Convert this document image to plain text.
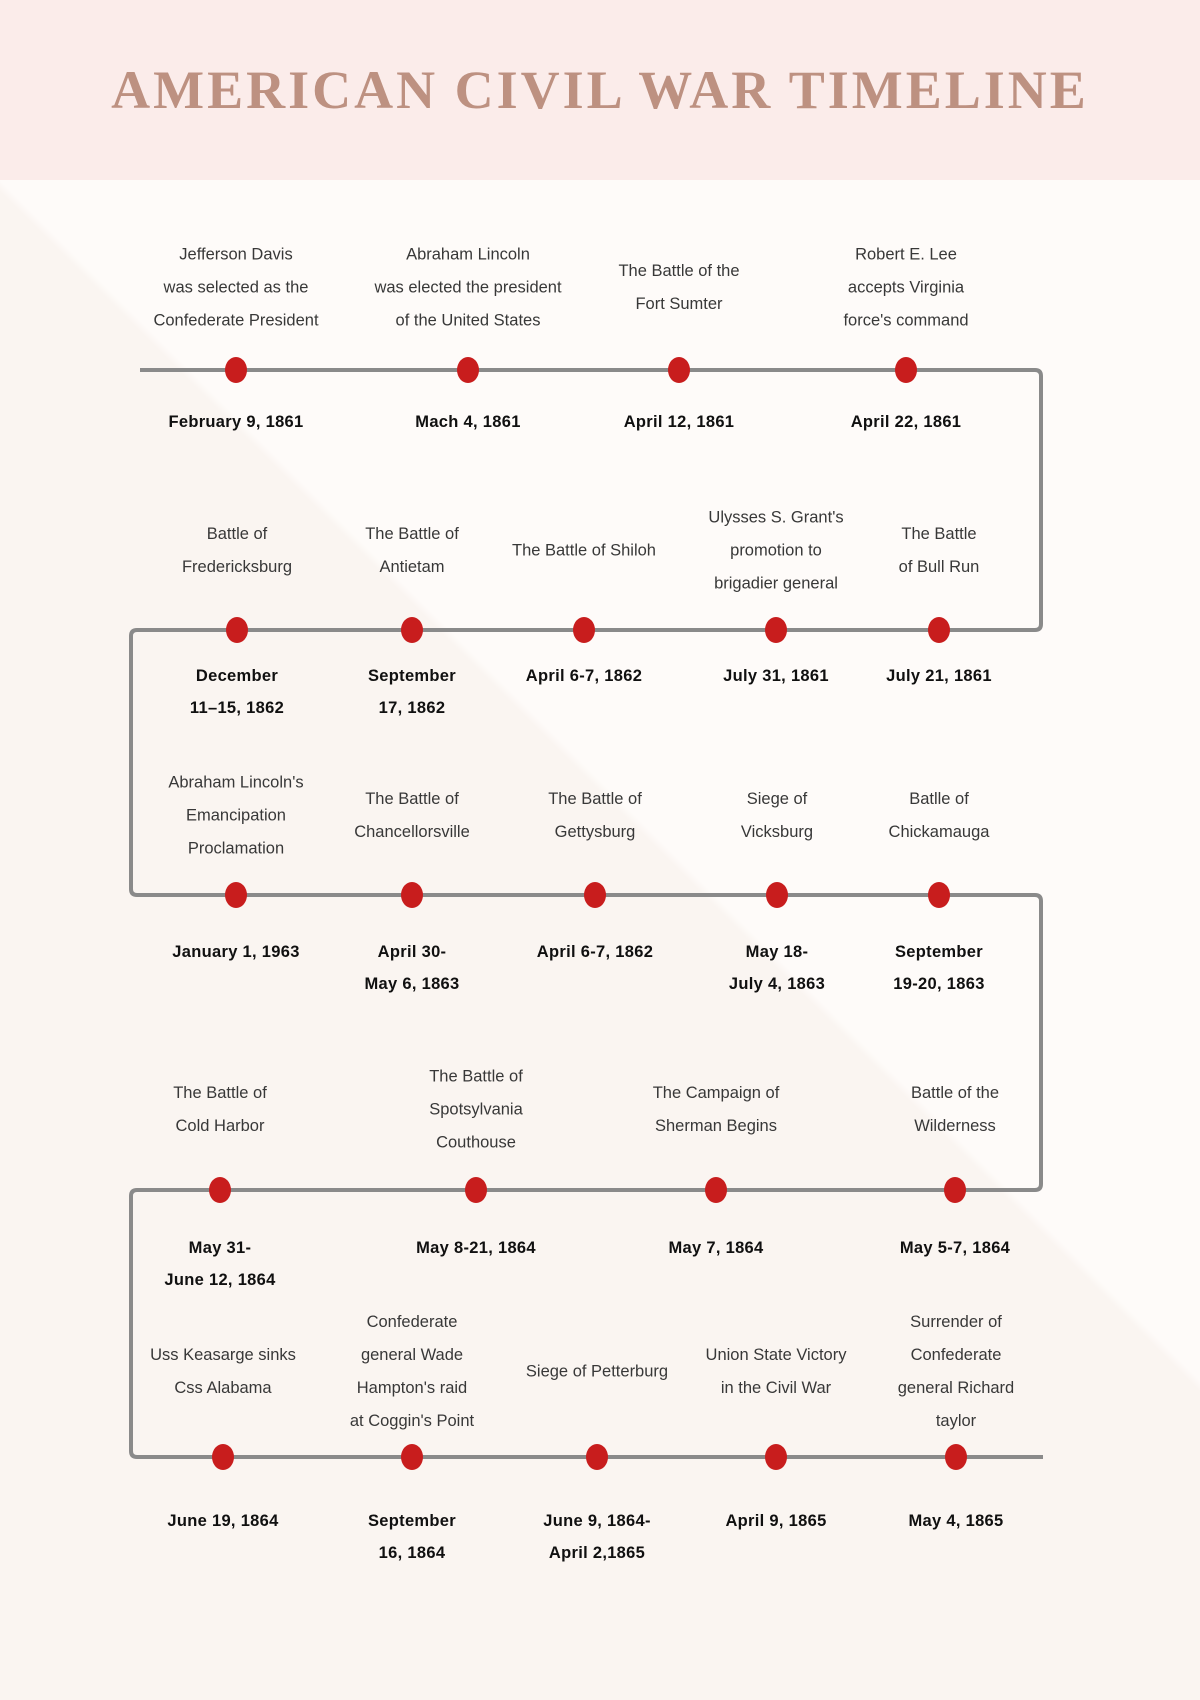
AMERICAN CIVIL WAR TIMELINE
Jefferson Davis
was selected as the
Confederate President
February 9, 1861
Abraham Lincoln
was elected the president
of the United States
Mach 4, 1861
The Battle of the
Fort Sumter
April 12, 1861
Robert E. Lee
accepts Virginia
force's command
April 22, 1861
Battle of
Fredericksburg
December
11–15, 1862
The Battle of
Antietam
September
17, 1862
The Battle of Shiloh
April 6-7, 1862
Ulysses S. Grant's
promotion to
brigadier general
July 31, 1861
The Battle
of Bull Run
July 21, 1861
Abraham Lincoln's
Emancipation
Proclamation
January 1, 1963
The Battle of
Chancellorsville
April 30-
May 6, 1863
The Battle of
Gettysburg
April 6-7, 1862
Siege of
Vicksburg
May 18-
July 4, 1863
Batlle of
Chickamauga
September
19-20, 1863
The Battle of
Cold Harbor
May 31-
June 12, 1864
The Battle of
Spotsylvania
Couthouse
May 8-21, 1864
The Campaign of
Sherman Begins
May 7, 1864
Battle of the
Wilderness
May 5-7, 1864
Uss Keasarge sinks
Css Alabama
June 19, 1864
Confederate
general Wade
Hampton's raid
at Coggin's Point
September
16, 1864
Siege of Petterburg
June 9, 1864-
April 2,1865
Union State Victory
in the Civil War
April 9, 1865
Surrender of
Confederate
general Richard
taylor
May 4, 1865
